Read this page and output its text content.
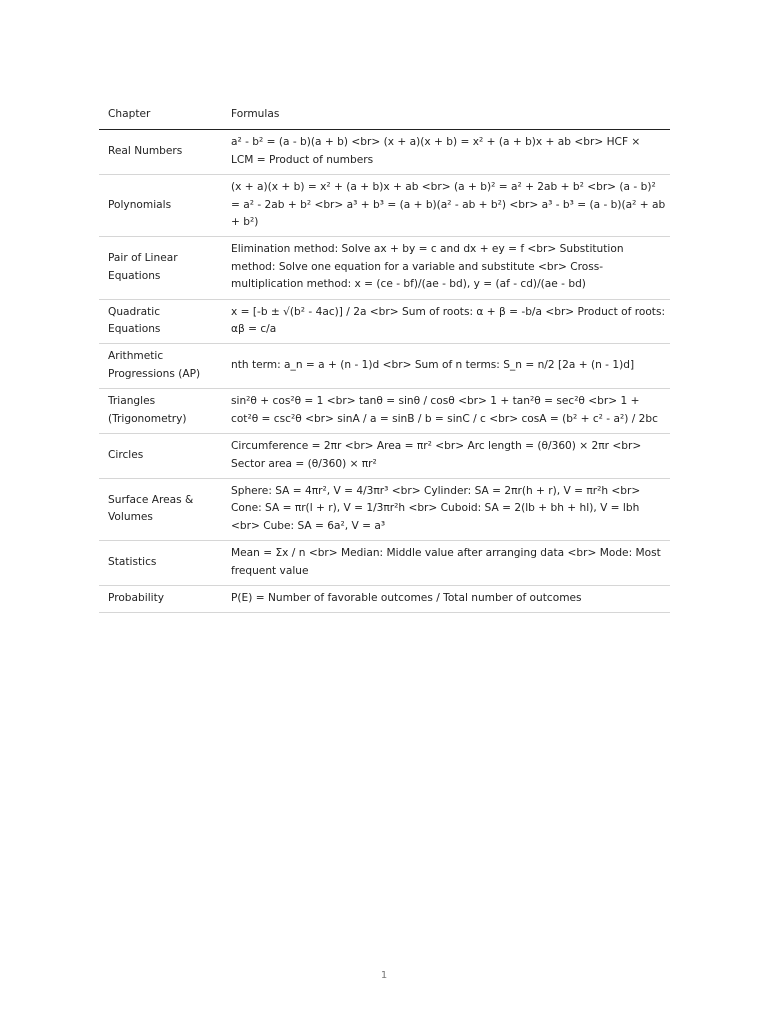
Chapter	Formulas
Real Numbers	a² - b² = (a - b)(a + b) <br> (x + a)(x + b) = x² + (a + b)x + ab <br> HCF × LCM = Product of numbers
Polynomials	(x + a)(x + b) = x² + (a + b)x + ab <br> (a + b)² = a² + 2ab + b² <br> (a - b)² = a² - 2ab + b² <br> a³ + b³ = (a + b)(a² - ab + b²) <br> a³ - b³ = (a - b)(a² + ab + b²)
Pair of Linear Equations	Elimination method: Solve ax + by = c and dx + ey = f <br> Substitution method: Solve one equation for a variable and substitute <br> Cross-multiplication method: x = (ce - bf)/(ae - bd), y = (af - cd)/(ae - bd)
Quadratic Equations	x = [-b ± √(b² - 4ac)] / 2a <br> Sum of roots: α + β = -b/a <br> Product of roots: αβ = c/a
Arithmetic Progressions (AP)	nth term: a_n = a + (n - 1)d <br> Sum of n terms: S_n = n/2 [2a + (n - 1)d]
Triangles (Trigonometry)	sin²θ + cos²θ = 1 <br> tanθ = sinθ / cosθ <br> 1 + tan²θ = sec²θ <br> 1 + cot²θ = csc²θ <br> sinA / a = sinB / b = sinC / c <br> cosA = (b² + c² - a²) / 2bc
Circles	Circumference = 2πr <br> Area = πr² <br> Arc length = (θ/360) × 2πr <br> Sector area = (θ/360) × πr²
Surface Areas & Volumes	Sphere: SA = 4πr², V = 4/3πr³ <br> Cylinder: SA = 2πr(h + r), V = πr²h <br> Cone: SA = πr(l + r), V = 1/3πr²h <br> Cuboid: SA = 2(lb + bh + hl), V = lbh <br> Cube: SA = 6a², V = a³
Statistics	Mean = Σx / n <br> Median: Middle value after arranging data <br> Mode: Most frequent value
Probability	P(E) = Number of favorable outcomes / Total number of outcomes
1
